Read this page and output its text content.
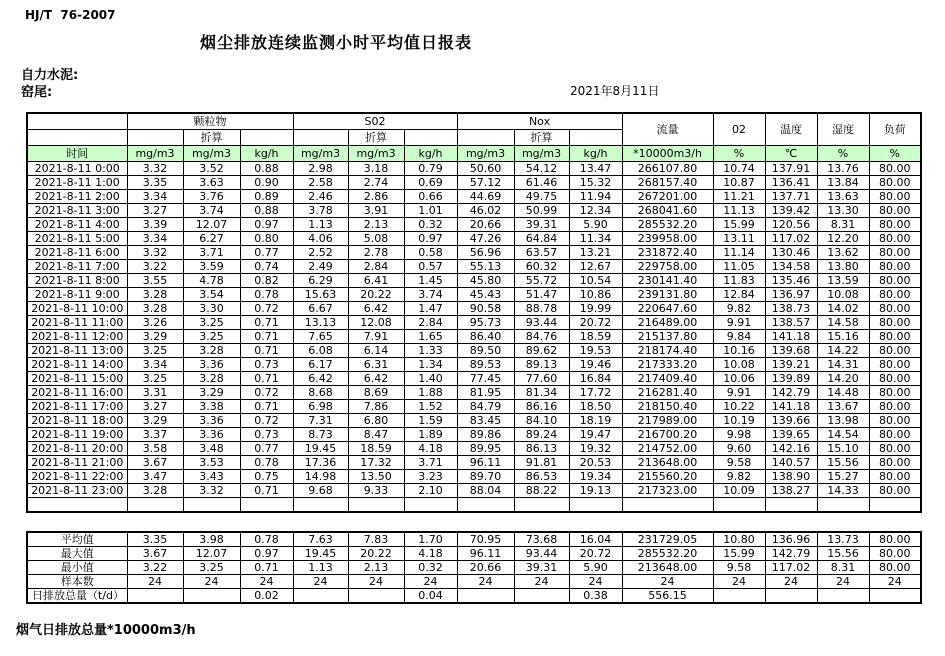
HJ/T  76-2007
烟尘排放连续监测小时平均值日报表
自力水泥:
窑尾:	2021年8月11日
	颗粒物			S02			Nox			流量	02	温度	湿度	负荷
		折算			折算			折算						
时间	mg/m3	mg/m3	kg/h	mg/m3	mg/m3	kg/h	mg/m3	mg/m3	kg/h	*10000m3/h	%	℃	%	%
2021-8-11 0:00	3.32	3.52	0.88	2.98	3.18	0.79	50.60	54.12	13.47	266107.80	10.74	137.91	13.76	80.00
2021-8-11 1:00	3.35	3.63	0.90	2.58	2.74	0.69	57.12	61.46	15.32	268157.40	10.87	136.41	13.84	80.00
2021-8-11 2:00	3.34	3.76	0.89	2.46	2.86	0.66	44.69	49.75	11.94	267201.00	11.21	137.71	13.63	80.00
2021-8-11 3:00	3.27	3.74	0.88	3.78	3.91	1.01	46.02	50.99	12.34	268041.60	11.13	139.42	13.30	80.00
2021-8-11 4:00	3.39	12.07	0.97	1.13	2.13	0.32	20.66	39.31	5.90	285532.20	15.99	120.56	8.31	80.00
2021-8-11 5:00	3.34	6.27	0.80	4.06	5.08	0.97	47.26	64.84	11.34	239958.00	13.11	117.02	12.20	80.00
2021-8-11 6:00	3.32	3.71	0.77	2.52	2.78	0.58	56.96	63.57	13.21	231872.40	11.14	130.46	13.62	80.00
2021-8-11 7:00	3.22	3.59	0.74	2.49	2.84	0.57	55.13	60.32	12.67	229758.00	11.05	134.58	13.80	80.00
2021-8-11 8:00	3.55	4.78	0.82	6.29	6.41	1.45	45.80	55.72	10.54	230141.40	11.83	135.46	13.59	80.00
2021-8-11 9:00	3.28	3.54	0.78	15.63	20.22	3.74	45.43	51.47	10.86	239131.80	12.84	136.97	10.08	80.00
2021-8-11 10:00	3.28	3.30	0.72	6.67	6.42	1.47	90.58	88.78	19.99	220647.60	9.82	138.73	14.02	80.00
2021-8-11 11:00	3.26	3.25	0.71	13.13	12.08	2.84	95.73	93.44	20.72	216489.00	9.91	138.57	14.58	80.00
2021-8-11 12:00	3.29	3.25	0.71	7.65	7.91	1.65	86.40	84.76	18.59	215137.80	9.84	141.18	15.16	80.00
2021-8-11 13:00	3.25	3.28	0.71	6.08	6.14	1.33	89.50	89.62	19.53	218174.40	10.16	139.68	14.22	80.00
2021-8-11 14:00	3.34	3.36	0.73	6.17	6.31	1.34	89.53	89.13	19.46	217333.20	10.08	139.21	14.31	80.00
2021-8-11 15:00	3.25	3.28	0.71	6.42	6.42	1.40	77.45	77.60	16.84	217409.40	10.06	139.89	14.20	80.00
2021-8-11 16:00	3.31	3.29	0.72	8.68	8.69	1.88	81.95	81.34	17.72	216281.40	9.91	142.79	14.48	80.00
2021-8-11 17:00	3.27	3.38	0.71	6.98	7.86	1.52	84.79	86.16	18.50	218150.40	10.22	141.18	13.67	80.00
2021-8-11 18:00	3.29	3.36	0.72	7.31	6.80	1.59	83.45	84.10	18.19	217989.00	10.19	139.66	13.98	80.00
2021-8-11 19:00	3.37	3.36	0.73	8.73	8.47	1.89	89.86	89.24	19.47	216700.20	9.98	139.65	14.54	80.00
2021-8-11 20:00	3.58	3.48	0.77	19.45	18.59	4.18	89.95	86.13	19.32	214752.00	9.60	142.16	15.10	80.00
2021-8-11 21:00	3.67	3.53	0.78	17.36	17.32	3.71	96.11	91.81	20.53	213648.00	9.58	140.57	15.56	80.00
2021-8-11 22:00	3.47	3.43	0.75	14.98	13.50	3.23	89.70	86.53	19.34	215560.20	9.82	138.90	15.27	80.00
2021-8-11 23:00	3.28	3.32	0.71	9.68	9.33	2.10	88.04	88.22	19.13	217323.00	10.09	138.27	14.33	80.00

平均值	3.35	3.98	0.78	7.63	7.83	1.70	70.95	73.68	16.04	231729.05	10.80	136.96	13.73	80.00
最大值	3.67	12.07	0.97	19.45	20.22	4.18	96.11	93.44	20.72	285532.20	15.99	142.79	15.56	80.00
最小值	3.22	3.25	0.71	1.13	2.13	0.32	20.66	39.31	5.90	213648.00	9.58	117.02	8.31	80.00
样本数	24	24	24	24	24	24	24	24	24	24	24	24	24	24
日排放总量（t/d）			0.02			0.04			0.38	556.15				
烟气日排放总量*10000m3/h
